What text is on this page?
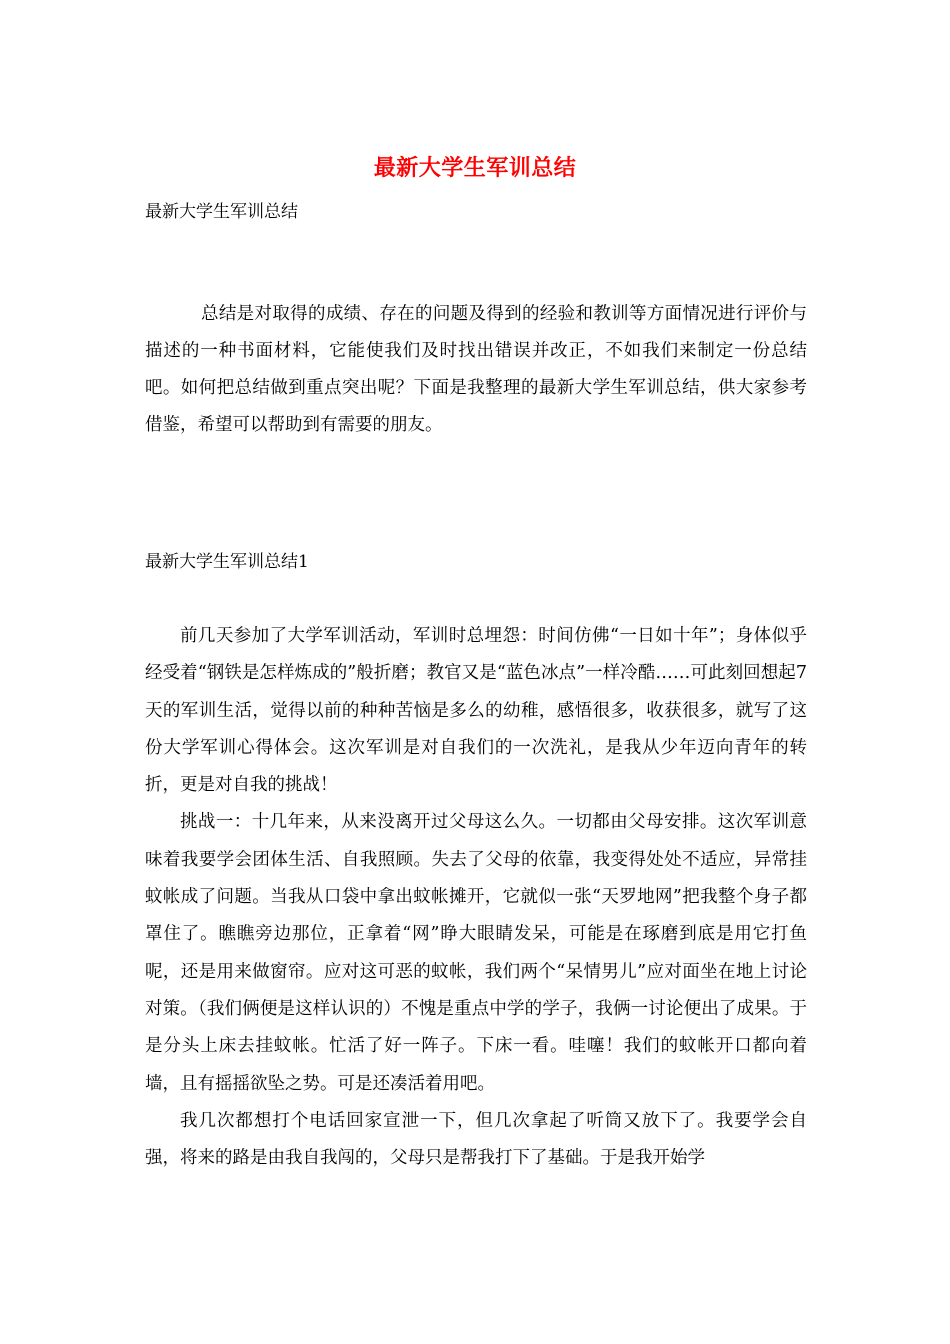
最新大学生军训总结
最新大学生军训总结

总结是对取得的成绩、存在的问题及得到的经验和教训等方面情况进行评价与描述的一种书面材料，它能使我们及时找出错误并改正，不如我们来制定一份总结吧。如何把总结做到重点突出呢？下面是我整理的最新大学生军训总结，供大家参考借鉴，希望可以帮助到有需要的朋友。

最新大学生军训总结1

前几天参加了大学军训活动，军训时总埋怨：时间仿佛“一日如十年”；身体似乎经受着“钢铁是怎样炼成的”般折磨；教官又是“蓝色冰点”一样冷酷……可此刻回想起7天的军训生活，觉得以前的种种苦恼是多么的幼稚，感悟很多，收获很多，就写了这份大学军训心得体会。这次军训是对自我们的一次洗礼，是我从少年迈向青年的转折，更是对自我的挑战！

挑战一：十几年来，从来没离开过父母这么久。一切都由父母安排。这次军训意味着我要学会团体生活、自我照顾。失去了父母的依靠，我变得处处不适应，异常挂蚊帐成了问题。当我从口袋中拿出蚊帐摊开，它就似一张“天罗地网”把我整个身子都罩住了。瞧瞧旁边那位，正拿着“网”睁大眼睛发呆，可能是在琢磨到底是用它打鱼呢，还是用来做窗帘。应对这可恶的蚊帐，我们两个“呆情男儿”应对面坐在地上讨论对策。（我们俩便是这样认识的）不愧是重点中学的学子，我俩一讨论便出了成果。于是分头上床去挂蚊帐。忙活了好一阵子。下床一看。哇噻！我们的蚊帐开口都向着墙，且有摇摇欲坠之势。可是还凑活着用吧。

我几次都想打个电话回家宣泄一下，但几次拿起了听筒又放下了。我要学会自强，将来的路是由我自我闯的，父母只是帮我打下了基础。于是我开始学
